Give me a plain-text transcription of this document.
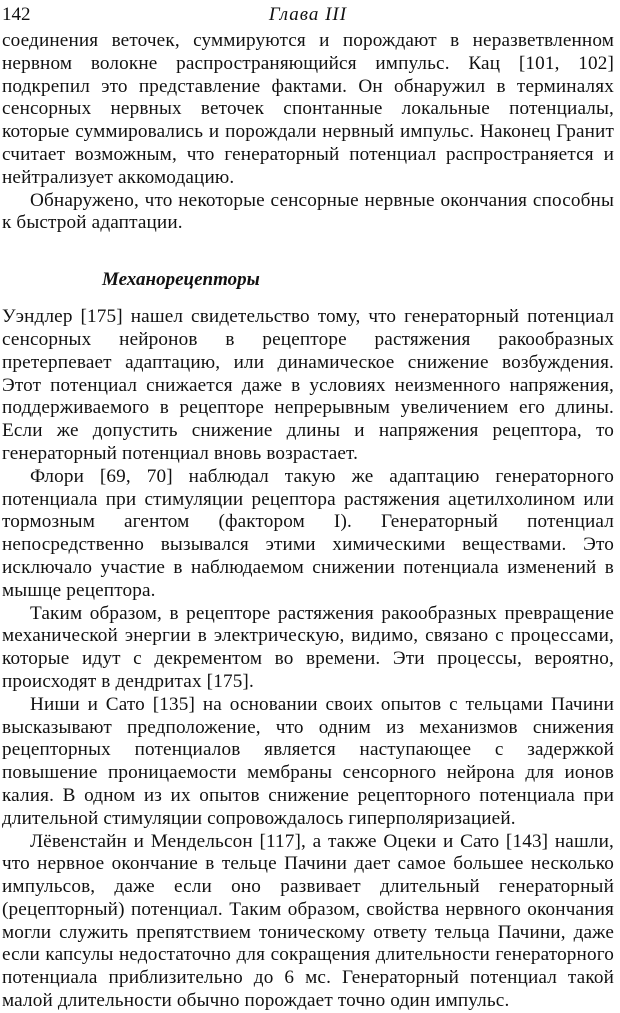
142	Глава III

соединения веточек, суммируются и порождают в неразветвленном нервном волокне распространяющийся импульс. Кац [101, 102] подкрепил это представление фактами. Он обнаружил в терминалях сенсорных нервных веточек спонтанные локальные потенциалы, которые суммировались и порождали нервный импульс. Наконец Гранит считает возможным, что генераторный потенциал распространяется и нейтрализует аккомодацию.

Обнаружено, что некоторые сенсорные нервные окончания способны к быстрой адаптации.

Механорецепторы

Уэндлер [175] нашел свидетельство тому, что генераторный потенциал сенсорных нейронов в рецепторе растяжения ракообразных претерпевает адаптацию, или динамическое снижение возбуждения. Этот потенциал снижается даже в условиях неизменного напряжения, поддерживаемого в рецепторе непрерывным увеличением его длины. Если же допустить снижение длины и напряжения рецептора, то генераторный потенциал вновь возрастает.

Флори [69, 70] наблюдал такую же адаптацию генераторного потенциала при стимуляции рецептора растяжения ацетилхолином или тормозным агентом (фактором I). Генераторный потенциал непосредственно вызывался этими химическими веществами. Это исключало участие в наблюдаемом снижении потенциала изменений в мышце рецептора.

Таким образом, в рецепторе растяжения ракообразных превращение механической энергии в электрическую, видимо, связано с процессами, которые идут с декрементом во времени. Эти процессы, вероятно, происходят в дендритах [175].

Ниши и Сато [135] на основании своих опытов с тельцами Пачини высказывают предположение, что одним из механизмов снижения рецепторных потенциалов является наступающее с задержкой повышение проницаемости мембраны сенсорного нейрона для ионов калия. В одном из их опытов снижение рецепторного потенциала при длительной стимуляции сопровождалось гиперполяризацией.

Лёвенстайн и Мендельсон [117], а также Оцеки и Сато [143] нашли, что нервное окончание в тельце Пачини дает самое большее несколько импульсов, даже если оно развивает длительный генераторный (рецепторный) потенциал. Таким образом, свойства нервного окончания могли служить препятствием тоническому ответу тельца Пачини, даже если капсулы недостаточно для сокращения длительности генераторного потенциала приблизительно до 6 мс. Генераторный потенциал такой малой длительности обычно порождает точно один импульс.
